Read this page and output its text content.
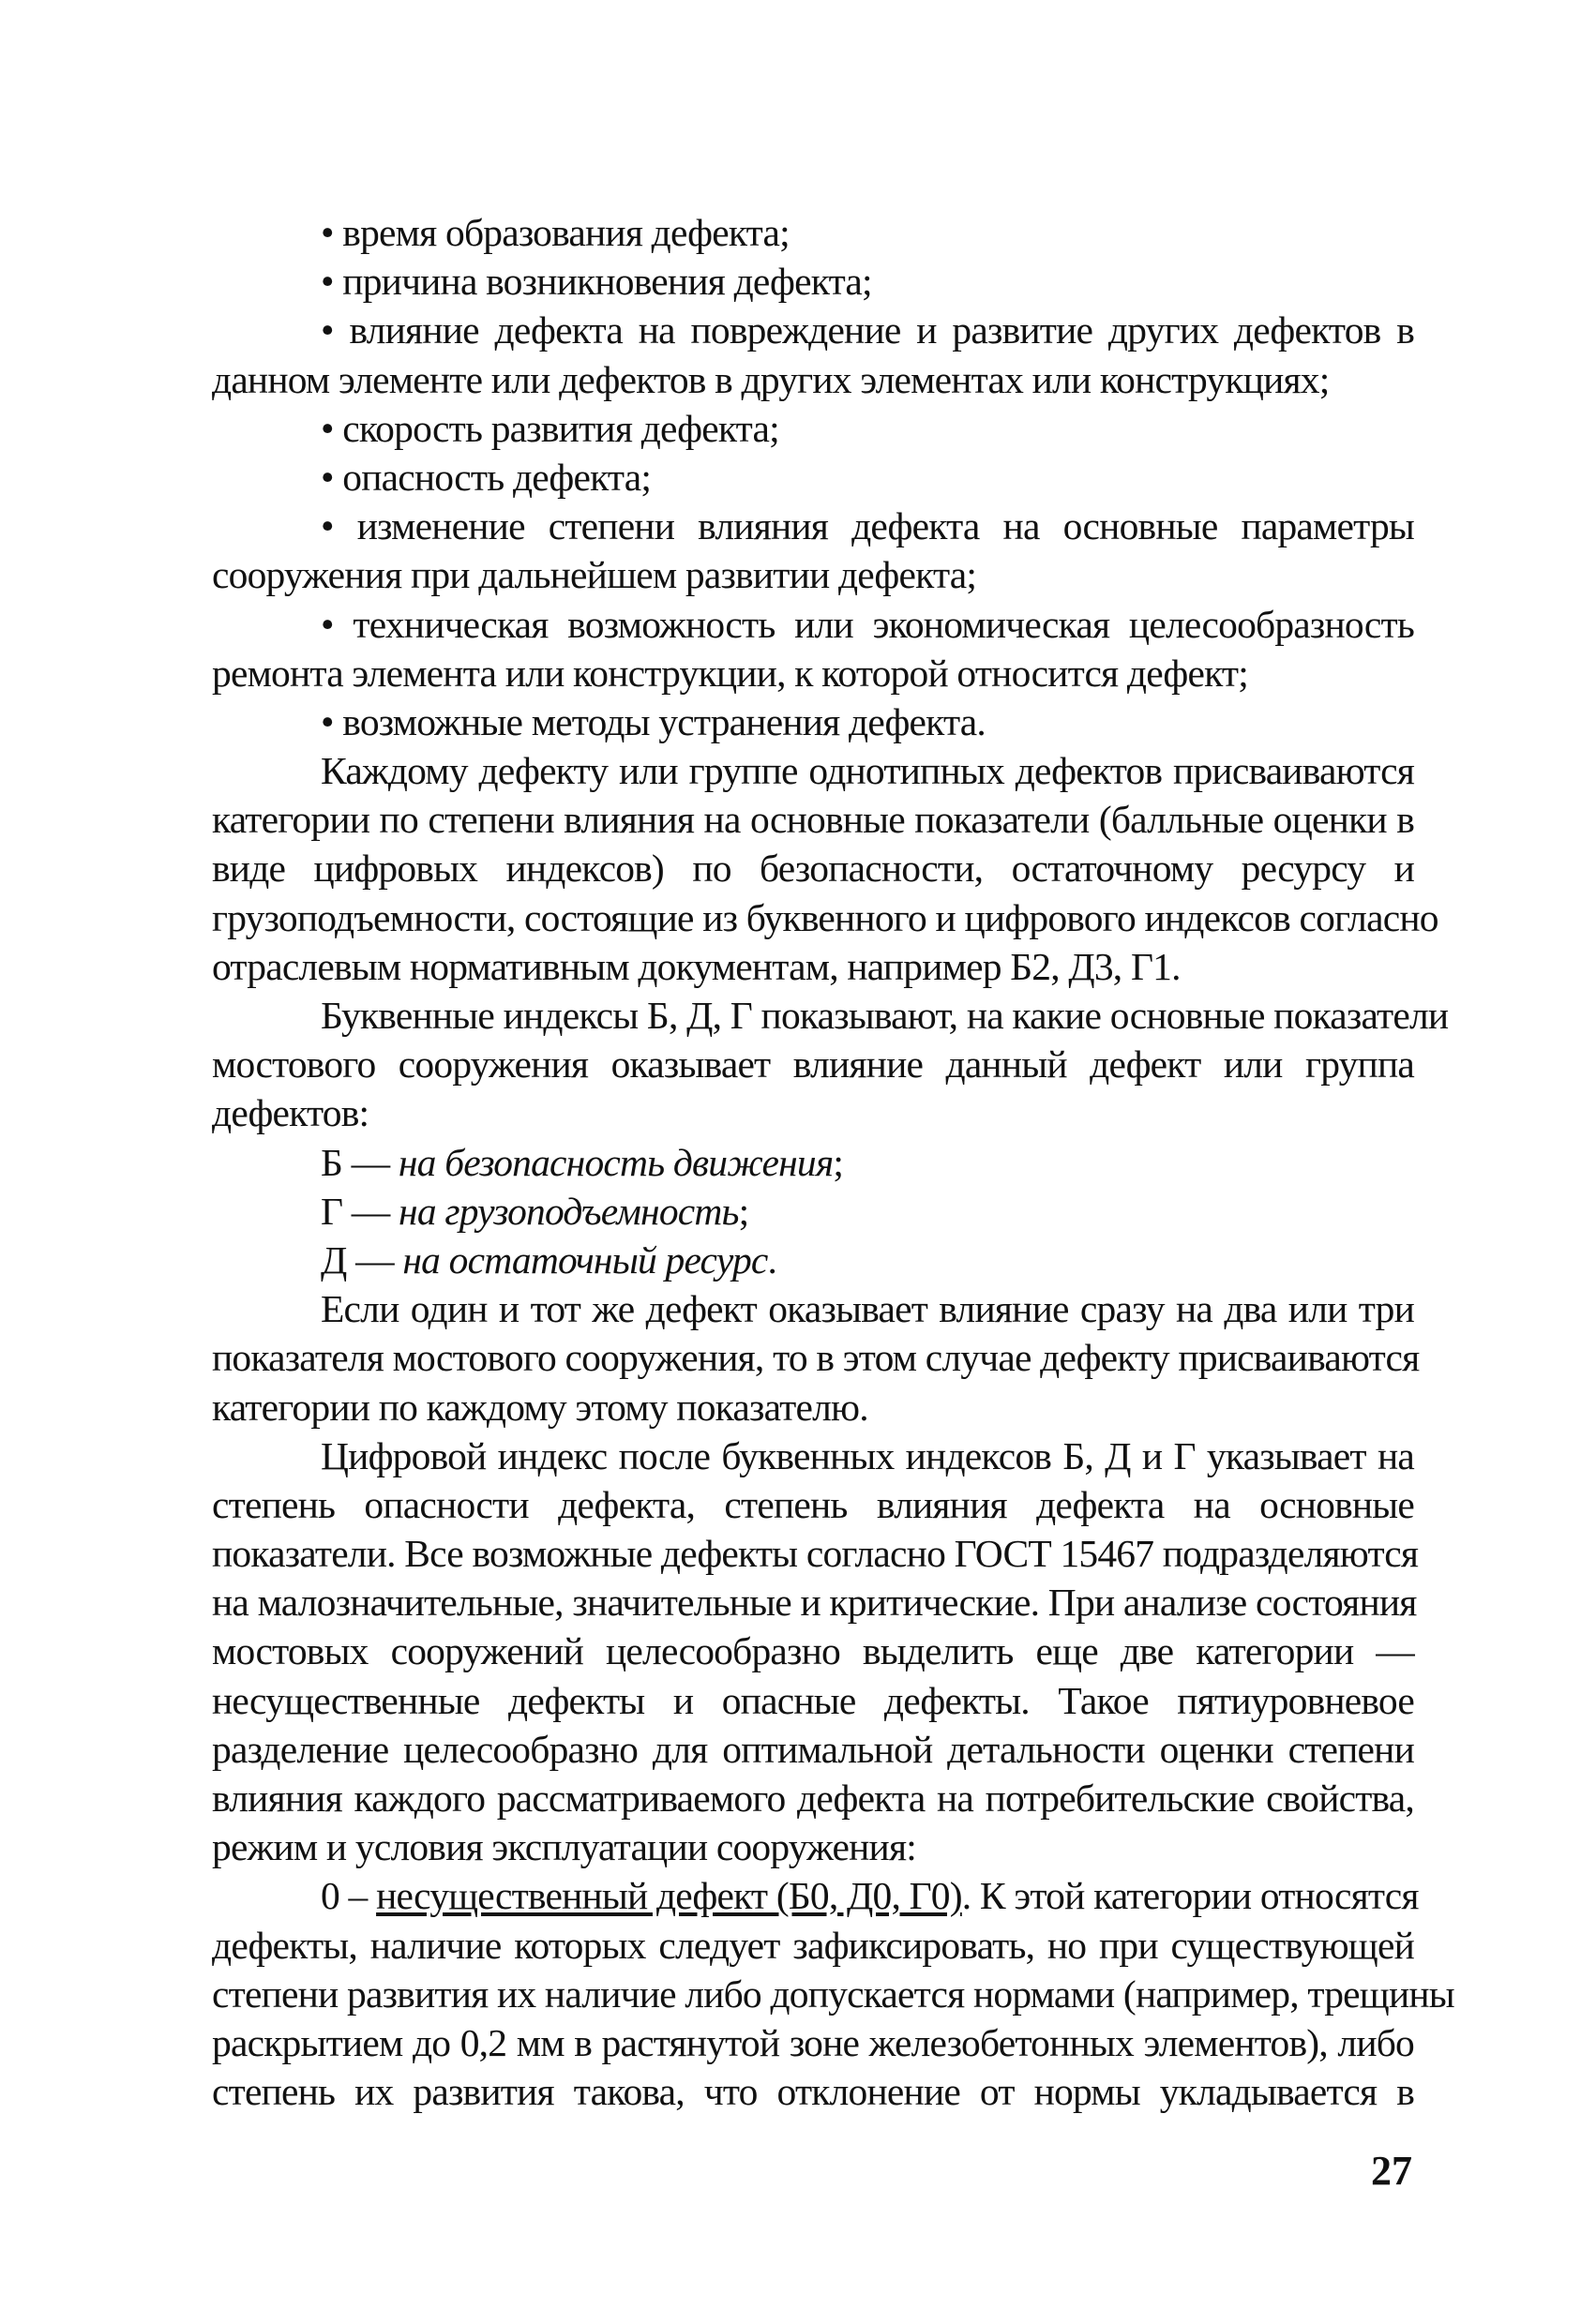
• время образования дефекта;
• причина возникновения дефекта;
• влияние дефекта на повреждение и развитие других дефектов в
данном элементе или дефектов в других элементах или конструкциях;
• скорость развития дефекта;
• опасность дефекта;
• изменение степени влияния дефекта на основные параметры
сооружения при дальнейшем развитии дефекта;
• техническая возможность или экономическая целесообразность
ремонта элемента или конструкции, к которой относится дефект;
• возможные методы устранения дефекта.
Каждому дефекту или группе однотипных дефектов присваиваются
категории по степени влияния на основные показатели (балльные оценки в
виде цифровых индексов) по безопасности, остаточному ресурсу и
грузоподъемности, состоящие из буквенного и цифрового индексов согласно
отраслевым нормативным документам, например Б2, Д3, Г1.
Буквенные индексы Б, Д, Г показывают, на какие основные показатели
мостового сооружения оказывает влияние данный дефект или группа
дефектов:
Б — на безопасность движения;
Г — на грузоподъемность;
Д — на остаточный ресурс.
Если один и тот же дефект оказывает влияние сразу на два или три
показателя мостового сооружения, то в этом случае дефекту присваиваются
категории по каждому этому показателю.
Цифровой индекс после буквенных индексов Б, Д и Г указывает на
степень опасности дефекта, степень влияния дефекта на основные
показатели. Все возможные дефекты согласно ГОСТ 15467 подразделяются
на малозначительные, значительные и критические. При анализе состояния
мостовых сооружений целесообразно выделить еще две категории —
несущественные дефекты и опасные дефекты. Такое пятиуровневое
разделение целесообразно для оптимальной детальности оценки степени
влияния каждого рассматриваемого дефекта на потребительские свойства,
режим и условия эксплуатации сооружения:
0 – несущественный дефект (Б0, Д0, Г0). К этой категории относятся
дефекты, наличие которых следует зафиксировать, но при существующей
степени развития их наличие либо допускается нормами (например, трещины
раскрытием до 0,2 мм в растянутой зоне железобетонных элементов), либо
степень их развития такова, что отклонение от нормы укладывается в
27
